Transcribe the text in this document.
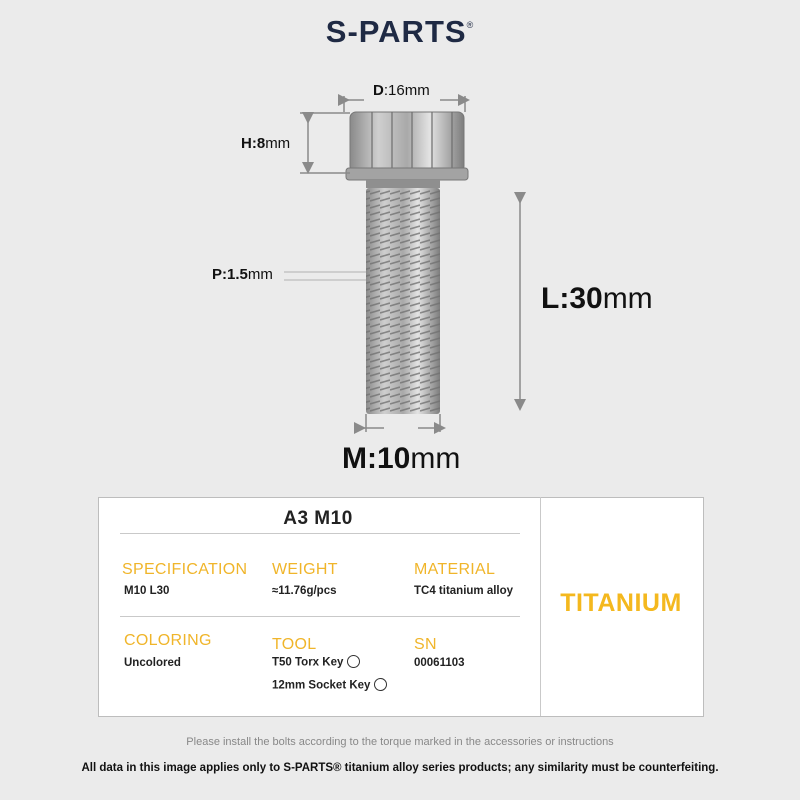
S-PARTS®
D:16mm
H:8mm
P:1.5mm
L:30mm
M:10mm
A3 M10
SPECIFICATION
M10 L30
WEIGHT
≈11.76g/pcs
MATERIAL
TC4 titanium alloy
COLORING
Uncolored
TOOL
T50 Torx Key
12mm Socket Key
SN
00061103
TITANIUM
Please install the bolts according to the torque marked in the accessories or instructions
All data in this image applies only to S-PARTS® titanium alloy series products; any similarity must be counterfeiting.
